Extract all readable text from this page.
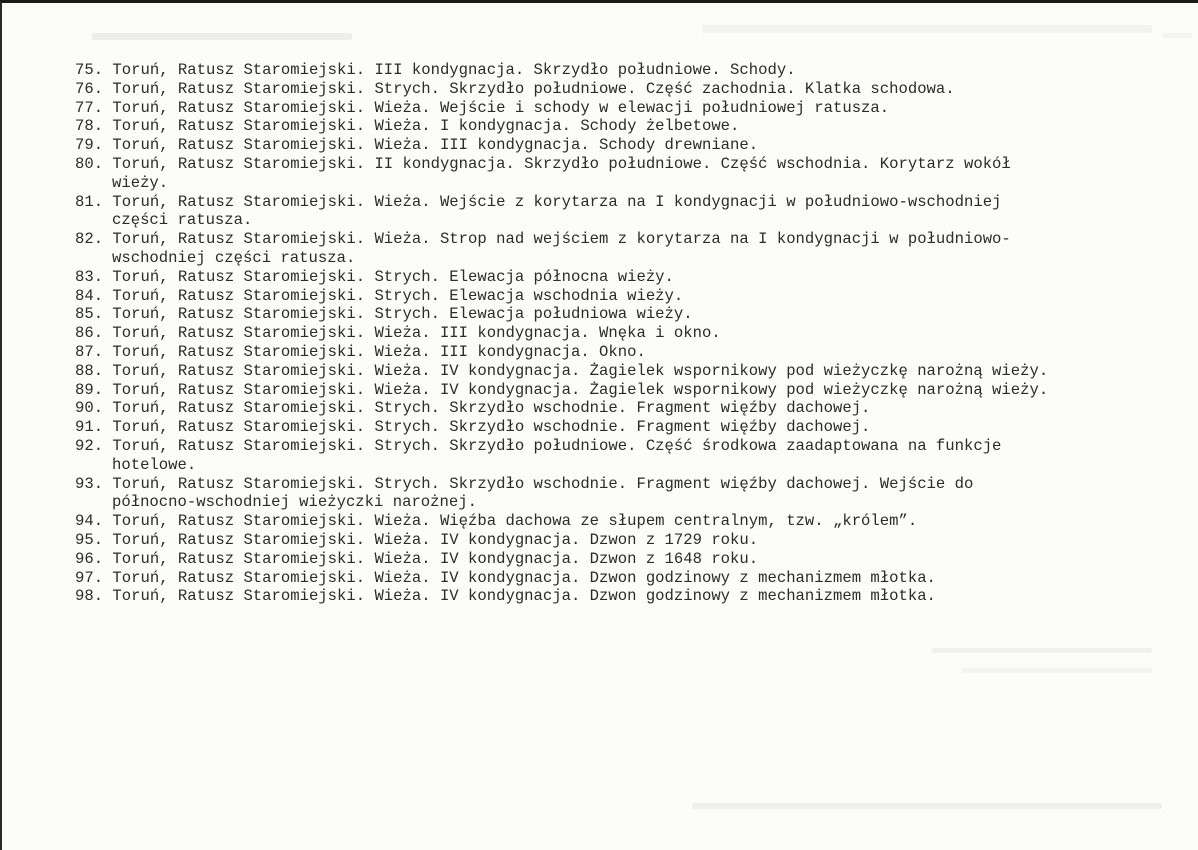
75. Toruń, Ratusz Staromiejski. III kondygnacja. Skrzydło południowe. Schody.
76. Toruń, Ratusz Staromiejski. Strych. Skrzydło południowe. Część zachodnia. Klatka schodowa.
77. Toruń, Ratusz Staromiejski. Wieża. Wejście i schody w elewacji południowej ratusza.
78. Toruń, Ratusz Staromiejski. Wieża. I kondygnacja. Schody żelbetowe.
79. Toruń, Ratusz Staromiejski. Wieża. III kondygnacja. Schody drewniane.
80. Toruń, Ratusz Staromiejski. II kondygnacja. Skrzydło południowe. Część wschodnia. Korytarz wokół
wieży.
81. Toruń, Ratusz Staromiejski. Wieża. Wejście z korytarza na I kondygnacji w południowo-wschodniej
części ratusza.
82. Toruń, Ratusz Staromiejski. Wieża. Strop nad wejściem z korytarza na I kondygnacji w południowo-
wschodniej części ratusza.
83. Toruń, Ratusz Staromiejski. Strych. Elewacja północna wieży.
84. Toruń, Ratusz Staromiejski. Strych. Elewacja wschodnia wieży.
85. Toruń, Ratusz Staromiejski. Strych. Elewacja południowa wieży.
86. Toruń, Ratusz Staromiejski. Wieża. III kondygnacja. Wnęka i okno.
87. Toruń, Ratusz Staromiejski. Wieża. III kondygnacja. Okno.
88. Toruń, Ratusz Staromiejski. Wieża. IV kondygnacja. Żagielek wspornikowy pod wieżyczkę narożną wieży.
89. Toruń, Ratusz Staromiejski. Wieża. IV kondygnacja. Żagielek wspornikowy pod wieżyczkę narożną wieży.
90. Toruń, Ratusz Staromiejski. Strych. Skrzydło wschodnie. Fragment więźby dachowej.
91. Toruń, Ratusz Staromiejski. Strych. Skrzydło wschodnie. Fragment więźby dachowej.
92. Toruń, Ratusz Staromiejski. Strych. Skrzydło południowe. Część środkowa zaadaptowana na funkcje
hotelowe.
93. Toruń, Ratusz Staromiejski. Strych. Skrzydło wschodnie. Fragment więźby dachowej. Wejście do
północno-wschodniej wieżyczki narożnej.
94. Toruń, Ratusz Staromiejski. Wieża. Więźba dachowa ze słupem centralnym, tzw. „królem”.
95. Toruń, Ratusz Staromiejski. Wieża. IV kondygnacja. Dzwon z 1729 roku.
96. Toruń, Ratusz Staromiejski. Wieża. IV kondygnacja. Dzwon z 1648 roku.
97. Toruń, Ratusz Staromiejski. Wieża. IV kondygnacja. Dzwon godzinowy z mechanizmem młotka.
98. Toruń, Ratusz Staromiejski. Wieża. IV kondygnacja. Dzwon godzinowy z mechanizmem młotka.
